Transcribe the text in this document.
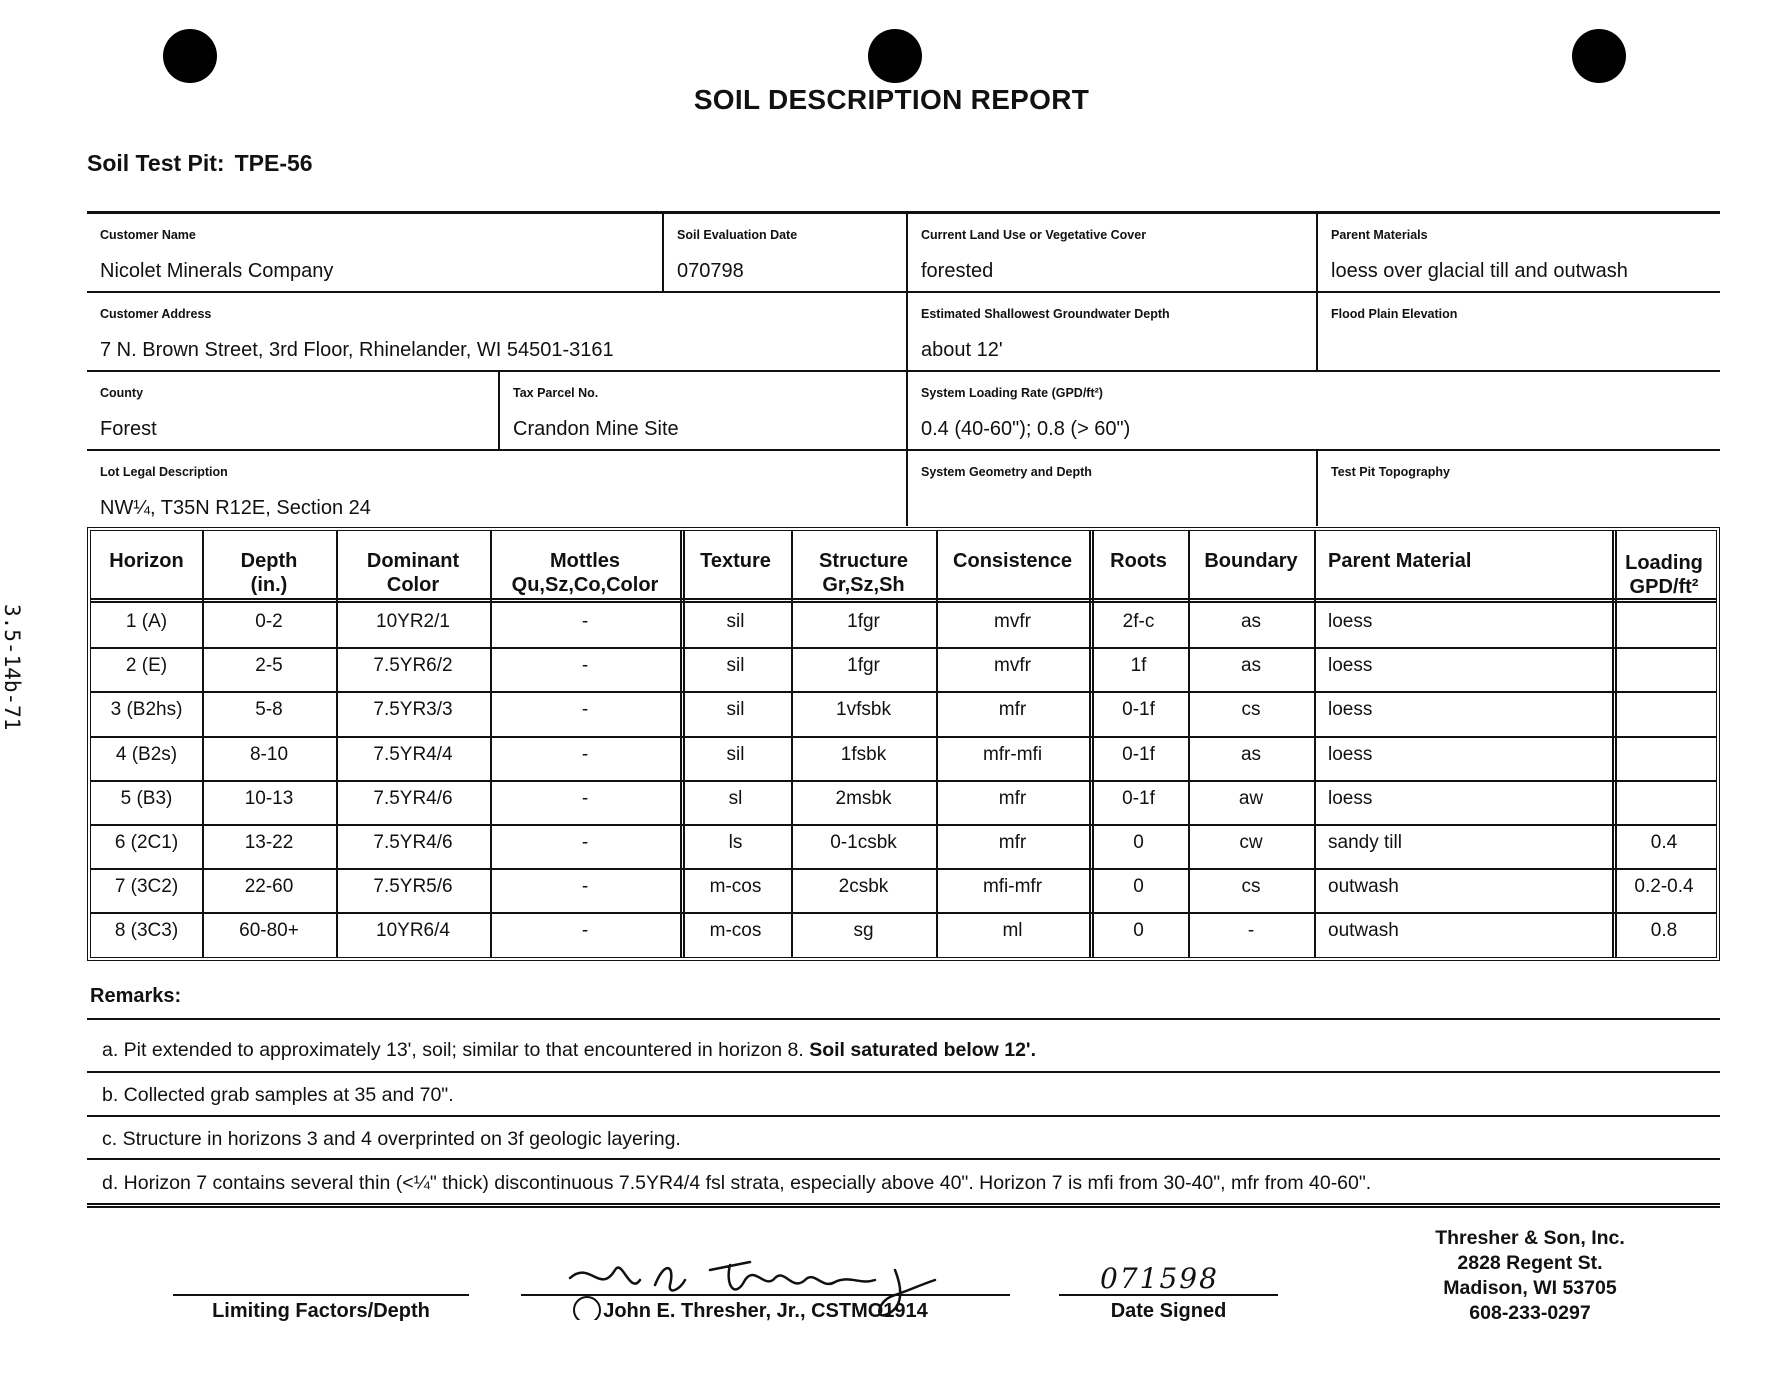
SOIL DESCRIPTION REPORT
Soil Test Pit: TPE-56
3.5-14b-71
Customer Name
Nicolet Minerals Company
Soil Evaluation Date
070798
Current Land Use or Vegetative Cover
forested
Parent Materials
loess over glacial till and outwash
Customer Address
7 N. Brown Street, 3rd Floor, Rhinelander, WI 54501-3161
Estimated Shallowest Groundwater Depth
about 12'
Flood Plain Elevation
County
Forest
Tax Parcel No.
Crandon Mine Site
System Loading Rate (GPD/ft²)
0.4 (40-60"); 0.8 (> 60")
Lot Legal Description
NW¼, T35N R12E, Section 24
System Geometry and Depth	Test Pit Topography
Horizon	Depth
(in.)
Dominant
Color
Mottles
Qu,Sz,Co,Color
Texture	Structure
Gr,Sz,Sh
Consistence	Roots	Boundary	Parent Material	Loading
GPD/ft²
1 (A)	0-2	10YR2/1	-	sil	1fgr	mvfr	2f-c	as	loess
2 (E)	2-5	7.5YR6/2	-	sil	1fgr	mvfr	1f	as	loess
3 (B2hs)	5-8	7.5YR3/3	-	sil	1vfsbk	mfr	0-1f	cs	loess
4 (B2s)	8-10	7.5YR4/4	-	sil	1fsbk	mfr-mfi	0-1f	as	loess
5 (B3)	10-13	7.5YR4/6	-	sl	2msbk	mfr	0-1f	aw	loess
6 (2C1)	13-22	7.5YR4/6	-	ls	0-1csbk	mfr	0	cw	sandy till	0.4
7 (3C2)	22-60	7.5YR5/6	-	m-cos	2csbk	mfi-mfr	0	cs	outwash	0.2-0.4
8 (3C3)	60-80+	10YR6/4	-	m-cos	sg	ml	0	-	outwash	0.8
Remarks:
a. Pit extended to approximately 13', soil; similar to that encountered in horizon 8. Soil saturated below 12'.
b. Collected grab samples at 35 and 70".
c. Structure in horizons 3 and 4 overprinted on 3f geologic layering.
d. Horizon 7 contains several thin (<¼" thick) discontinuous 7.5YR4/4 fsl strata, especially above 40". Horizon 7 is mfi from 30-40", mfr from 40-60".
Limiting Factors/Depth	John E. Thresher, Jr., CSTMO1914
071598
Date Signed
Thresher & Son, Inc.
2828 Regent St.
Madison, WI 53705
608-233-0297
